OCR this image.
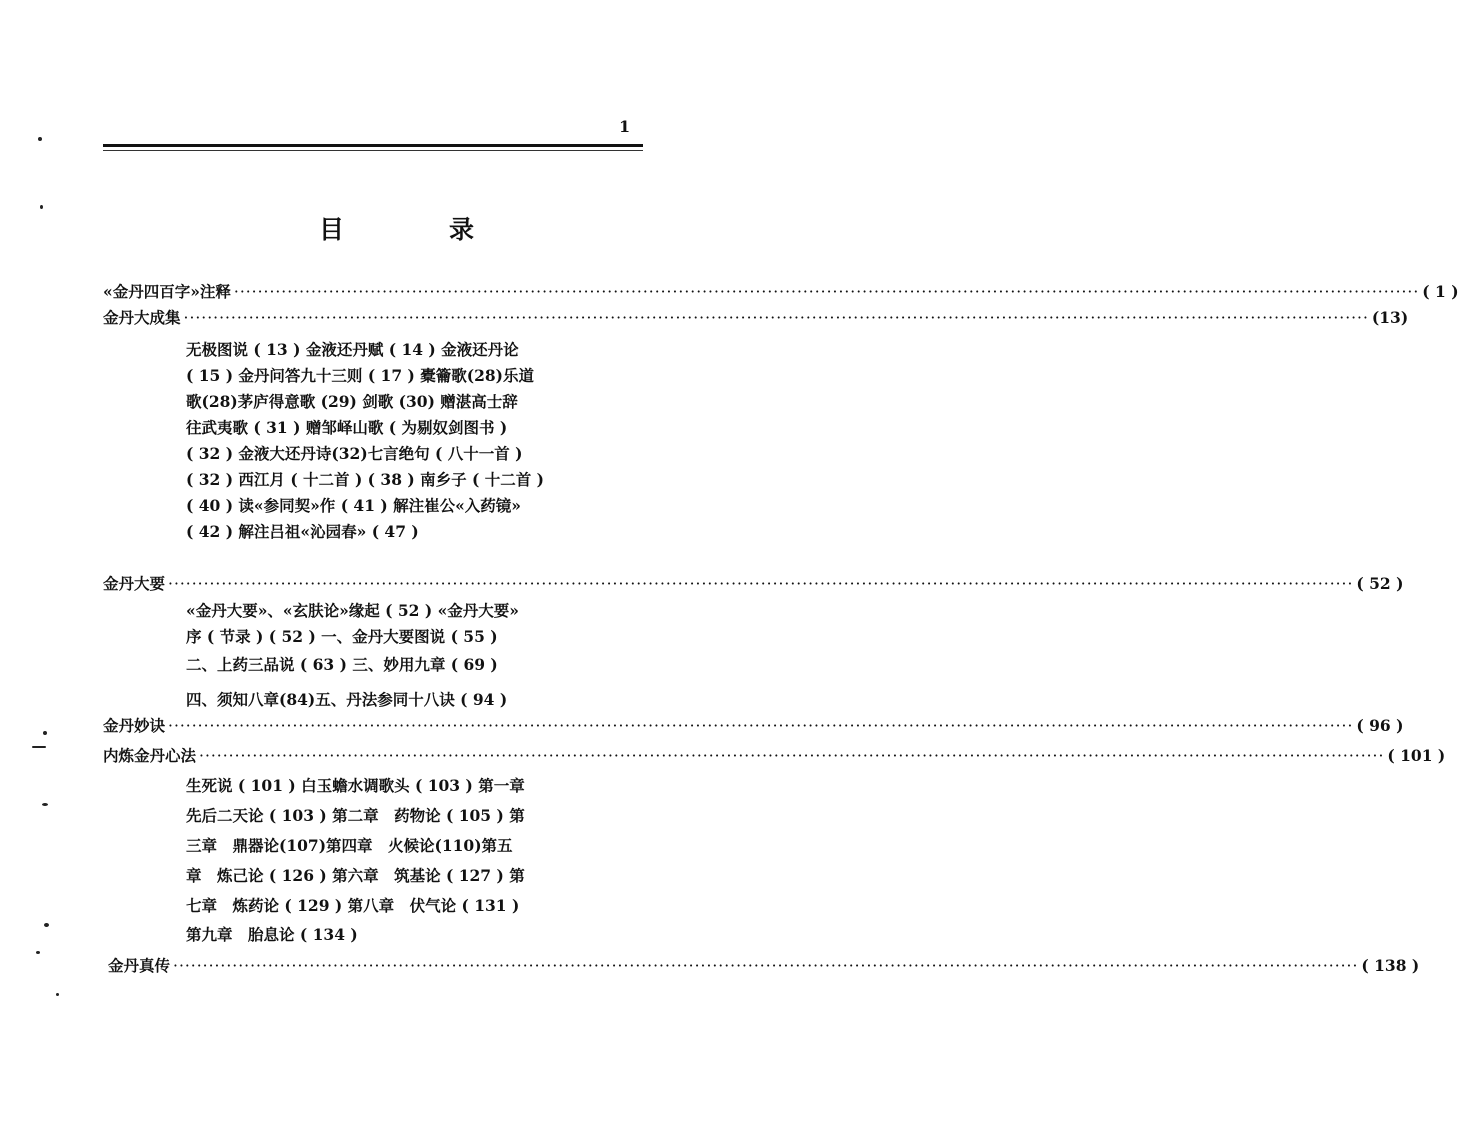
1
目　录
«金丹四百字»注释 ········································································································································································································ ( 1 )
金丹大成集 ········································································································································································································ (13)
无极图说 ( 13 ) 金液还丹赋 ( 14 ) 金液还丹论
( 15 ) 金丹问答九十三则 ( 17 ) 橐籥歌(28)乐道
歌(28)茅庐得意歌 (29) 剑歌 (30) 赠湛高士辞
往武夷歌 ( 31 ) 赠邹峄山歌 ( 为剔奴剑图书 )
( 32 ) 金液大还丹诗(32)七言绝句 ( 八十一首 )
( 32 ) 西江月 ( 十二首 ) ( 38 ) 南乡子 ( 十二首 )
( 40 ) 读«参同契»作 ( 41 ) 解注崔公«入药镜»
( 42 ) 解注吕祖«沁园春» ( 47 )
金丹大要 ········································································································································································································ ( 52 )
«金丹大要»、«玄肤论»缘起 ( 52 ) «金丹大要»
序 ( 节录 ) ( 52 ) 一、金丹大要图说 ( 55 )
二、上药三品说 ( 63 ) 三、妙用九章 ( 69 )
四、须知八章(84)五、丹法参同十八诀 ( 94 )
金丹妙诀 ········································································································································································································ ( 96 )
内炼金丹心法 ········································································································································································································ ( 101 )
生死说 ( 101 ) 白玉蟾水调歌头 ( 103 ) 第一章
先后二天论 ( 103 ) 第二章　药物论 ( 105 ) 第
三章　鼎器论(107)第四章　火候论(110)第五
章　炼己论 ( 126 ) 第六章　筑基论 ( 127 ) 第
七章　炼药论 ( 129 ) 第八章　伏气论 ( 131 )
第九章　胎息论 ( 134 )
金丹真传 ········································································································································································································ ( 138 )
